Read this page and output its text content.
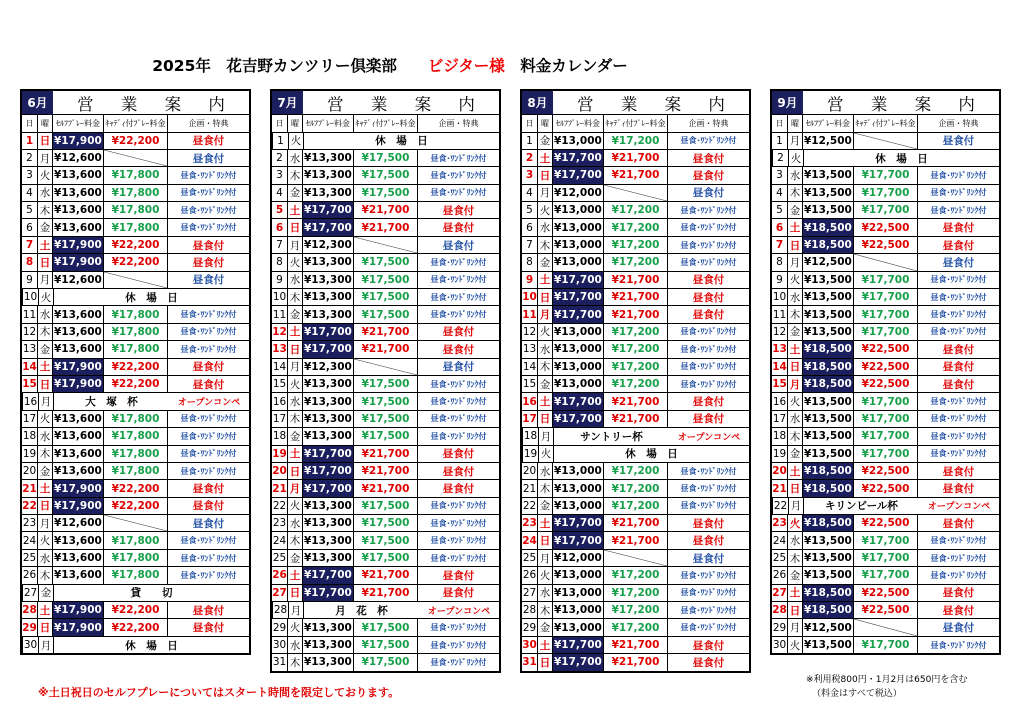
2025年　花吉野カンツリー倶楽部　　ビジター様　料金カレンダー
6月	営 業 案 内
日 曜 ｾﾙﾌﾌﾟﾚｰ料金 ｷｬﾃﾞｨ付ﾌﾟﾚｰ料金	企画・特典
1 日 ¥17,900 ¥22,200	昼食付
2 月 ¥12,600	昼食付
3 火 ¥13,600 ¥17,800	昼食･ﾜﾝﾄﾞﾘﾝｸ付
4 水 ¥13,600 ¥17,800	昼食･ﾜﾝﾄﾞﾘﾝｸ付
5 木 ¥13,600 ¥17,800	昼食･ﾜﾝﾄﾞﾘﾝｸ付
6 金 ¥13,600 ¥17,800	昼食･ﾜﾝﾄﾞﾘﾝｸ付
7 土 ¥17,900 ¥22,200	昼食付
8 日 ¥17,900 ¥22,200	昼食付
9 月 ¥12,600	昼食付
10 火	休　場　日
11 水 ¥13,600 ¥17,800	昼食･ﾜﾝﾄﾞﾘﾝｸ付
12 木 ¥13,600 ¥17,800	昼食･ﾜﾝﾄﾞﾘﾝｸ付
13 金 ¥13,600 ¥17,800	昼食･ﾜﾝﾄﾞﾘﾝｸ付
14 土 ¥17,900 ¥22,200	昼食付
15 日 ¥17,900 ¥22,200	昼食付
16 月	大　塚　杯	オープンコンペ
17 火 ¥13,600 ¥17,800	昼食･ﾜﾝﾄﾞﾘﾝｸ付
18 水 ¥13,600 ¥17,800	昼食･ﾜﾝﾄﾞﾘﾝｸ付
19 木 ¥13,600 ¥17,800	昼食･ﾜﾝﾄﾞﾘﾝｸ付
20 金 ¥13,600 ¥17,800	昼食･ﾜﾝﾄﾞﾘﾝｸ付
21 土 ¥17,900 ¥22,200	昼食付
22 日 ¥17,900 ¥22,200	昼食付
23 月 ¥12,600	昼食付
24 火 ¥13,600 ¥17,800	昼食･ﾜﾝﾄﾞﾘﾝｸ付
25 水 ¥13,600 ¥17,800	昼食･ﾜﾝﾄﾞﾘﾝｸ付
26 木 ¥13,600 ¥17,800	昼食･ﾜﾝﾄﾞﾘﾝｸ付
27 金	貸　　切
28 土 ¥17,900 ¥22,200	昼食付
29 日 ¥17,900 ¥22,200	昼食付
30 月	休　場　日
7月	営 業 案 内
日 曜 ｾﾙﾌﾌﾟﾚｰ料金 ｷｬﾃﾞｨ付ﾌﾟﾚｰ料金	企画・特典
1 火	休　場　日
2 水 ¥13,300 ¥17,500	昼食･ﾜﾝﾄﾞﾘﾝｸ付
3 木 ¥13,300 ¥17,500	昼食･ﾜﾝﾄﾞﾘﾝｸ付
4 金 ¥13,300 ¥17,500	昼食･ﾜﾝﾄﾞﾘﾝｸ付
5 土 ¥17,700 ¥21,700	昼食付
6 日 ¥17,700 ¥21,700	昼食付
7 月 ¥12,300	昼食付
8 火 ¥13,300 ¥17,500	昼食･ﾜﾝﾄﾞﾘﾝｸ付
9 水 ¥13,300 ¥17,500	昼食･ﾜﾝﾄﾞﾘﾝｸ付
10 木 ¥13,300 ¥17,500	昼食･ﾜﾝﾄﾞﾘﾝｸ付
11 金 ¥13,300 ¥17,500	昼食･ﾜﾝﾄﾞﾘﾝｸ付
12 土 ¥17,700 ¥21,700	昼食付
13 日 ¥17,700 ¥21,700	昼食付
14 月 ¥12,300	昼食付
15 火 ¥13,300 ¥17,500	昼食･ﾜﾝﾄﾞﾘﾝｸ付
16 水 ¥13,300 ¥17,500	昼食･ﾜﾝﾄﾞﾘﾝｸ付
17 木 ¥13,300 ¥17,500	昼食･ﾜﾝﾄﾞﾘﾝｸ付
18 金 ¥13,300 ¥17,500	昼食･ﾜﾝﾄﾞﾘﾝｸ付
19 土 ¥17,700 ¥21,700	昼食付
20 日 ¥17,700 ¥21,700	昼食付
21 月 ¥17,700 ¥21,700	昼食付
22 火 ¥13,300 ¥17,500	昼食･ﾜﾝﾄﾞﾘﾝｸ付
23 水 ¥13,300 ¥17,500	昼食･ﾜﾝﾄﾞﾘﾝｸ付
24 木 ¥13,300 ¥17,500	昼食･ﾜﾝﾄﾞﾘﾝｸ付
25 金 ¥13,300 ¥17,500	昼食･ﾜﾝﾄﾞﾘﾝｸ付
26 土 ¥17,700 ¥21,700	昼食付
27 日 ¥17,700 ¥21,700	昼食付
28 月	月　花　杯	オープンコンペ
29 火 ¥13,300 ¥17,500	昼食･ﾜﾝﾄﾞﾘﾝｸ付
30 水 ¥13,300 ¥17,500	昼食･ﾜﾝﾄﾞﾘﾝｸ付
31 木 ¥13,300 ¥17,500	昼食･ﾜﾝﾄﾞﾘﾝｸ付
8月	営 業 案 内
日 曜 ｾﾙﾌﾌﾟﾚｰ料金 ｷｬﾃﾞｨ付ﾌﾟﾚｰ料金	企画・特典
1 金 ¥13,000 ¥17,200	昼食･ﾜﾝﾄﾞﾘﾝｸ付
2 土 ¥17,700 ¥21,700	昼食付
3 日 ¥17,700 ¥21,700	昼食付
4 月 ¥12,000	昼食付
5 火 ¥13,000 ¥17,200	昼食･ﾜﾝﾄﾞﾘﾝｸ付
6 水 ¥13,000 ¥17,200	昼食･ﾜﾝﾄﾞﾘﾝｸ付
7 木 ¥13,000 ¥17,200	昼食･ﾜﾝﾄﾞﾘﾝｸ付
8 金 ¥13,000 ¥17,200	昼食･ﾜﾝﾄﾞﾘﾝｸ付
9 土 ¥17,700 ¥21,700	昼食付
10 日 ¥17,700 ¥21,700	昼食付
11 月 ¥17,700 ¥21,700	昼食付
12 火 ¥13,000 ¥17,200	昼食･ﾜﾝﾄﾞﾘﾝｸ付
13 水 ¥13,000 ¥17,200	昼食･ﾜﾝﾄﾞﾘﾝｸ付
14 木 ¥13,000 ¥17,200	昼食･ﾜﾝﾄﾞﾘﾝｸ付
15 金 ¥13,000 ¥17,200	昼食･ﾜﾝﾄﾞﾘﾝｸ付
16 土 ¥17,700 ¥21,700	昼食付
17 日 ¥17,700 ¥21,700	昼食付
18 月	サントリー杯	オープンコンペ
19 火	休　場　日
20 水 ¥13,000 ¥17,200	昼食･ﾜﾝﾄﾞﾘﾝｸ付
21 木 ¥13,000 ¥17,200	昼食･ﾜﾝﾄﾞﾘﾝｸ付
22 金 ¥13,000 ¥17,200	昼食･ﾜﾝﾄﾞﾘﾝｸ付
23 土 ¥17,700 ¥21,700	昼食付
24 日 ¥17,700 ¥21,700	昼食付
25 月 ¥12,000	昼食付
26 火 ¥13,000 ¥17,200	昼食･ﾜﾝﾄﾞﾘﾝｸ付
27 水 ¥13,000 ¥17,200	昼食･ﾜﾝﾄﾞﾘﾝｸ付
28 木 ¥13,000 ¥17,200	昼食･ﾜﾝﾄﾞﾘﾝｸ付
29 金 ¥13,000 ¥17,200	昼食･ﾜﾝﾄﾞﾘﾝｸ付
30 土 ¥17,700 ¥21,700	昼食付
31 日 ¥17,700 ¥21,700	昼食付
9月	営 業 案 内
日 曜 ｾﾙﾌﾌﾟﾚｰ料金 ｷｬﾃﾞｨ付ﾌﾟﾚｰ料金	企画・特典
1 月 ¥12,500	昼食付
2 火	休　場　日
3 水 ¥13,500 ¥17,700	昼食･ﾜﾝﾄﾞﾘﾝｸ付
4 木 ¥13,500 ¥17,700	昼食･ﾜﾝﾄﾞﾘﾝｸ付
5 金 ¥13,500 ¥17,700	昼食･ﾜﾝﾄﾞﾘﾝｸ付
6 土 ¥18,500 ¥22,500	昼食付
7 日 ¥18,500 ¥22,500	昼食付
8 月 ¥12,500	昼食付
9 火 ¥13,500 ¥17,700	昼食･ﾜﾝﾄﾞﾘﾝｸ付
10 水 ¥13,500 ¥17,700	昼食･ﾜﾝﾄﾞﾘﾝｸ付
11 木 ¥13,500 ¥17,700	昼食･ﾜﾝﾄﾞﾘﾝｸ付
12 金 ¥13,500 ¥17,700	昼食･ﾜﾝﾄﾞﾘﾝｸ付
13 土 ¥18,500 ¥22,500	昼食付
14 日 ¥18,500 ¥22,500	昼食付
15 月 ¥18,500 ¥22,500	昼食付
16 火 ¥13,500 ¥17,700	昼食･ﾜﾝﾄﾞﾘﾝｸ付
17 水 ¥13,500 ¥17,700	昼食･ﾜﾝﾄﾞﾘﾝｸ付
18 木 ¥13,500 ¥17,700	昼食･ﾜﾝﾄﾞﾘﾝｸ付
19 金 ¥13,500 ¥17,700	昼食･ﾜﾝﾄﾞﾘﾝｸ付
20 土 ¥18,500 ¥22,500	昼食付
21 日 ¥18,500 ¥22,500	昼食付
22 月	キリンビール杯	オープンコンペ
23 火 ¥18,500 ¥22,500	昼食付
24 水 ¥13,500 ¥17,700	昼食･ﾜﾝﾄﾞﾘﾝｸ付
25 木 ¥13,500 ¥17,700	昼食･ﾜﾝﾄﾞﾘﾝｸ付
26 金 ¥13,500 ¥17,700	昼食･ﾜﾝﾄﾞﾘﾝｸ付
27 土 ¥18,500 ¥22,500	昼食付
28 日 ¥18,500 ¥22,500	昼食付
29 月 ¥12,500	昼食付
30 火 ¥13,500 ¥17,700	昼食･ﾜﾝﾄﾞﾘﾝｸ付
※土日祝日のセルフプレーについてはスタート時間を限定しております。
※利用税800円・1月2月は650円を含む
（料金はすべて税込）
